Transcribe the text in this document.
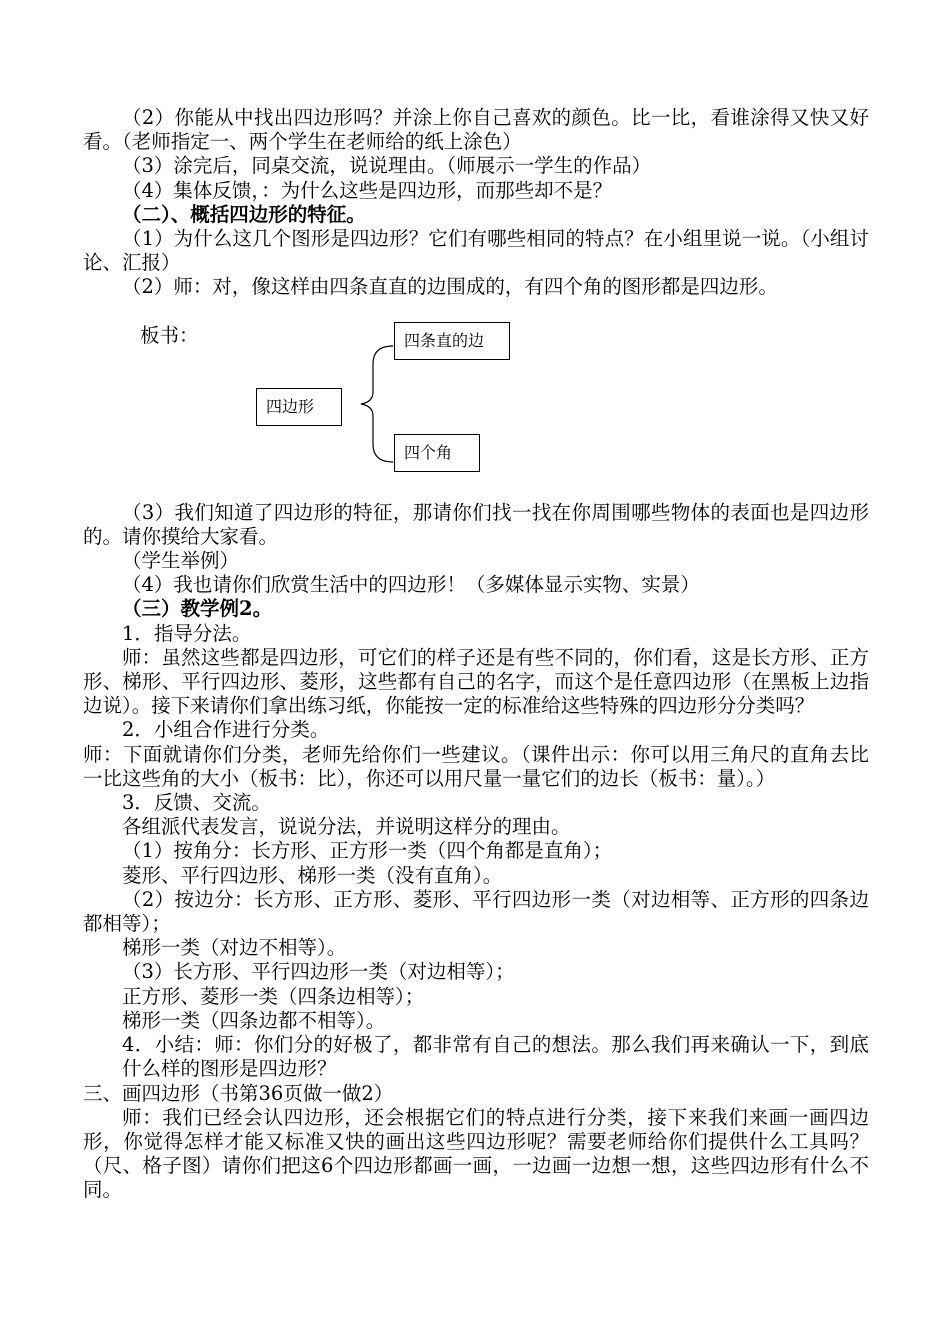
（2）你能从中找出四边形吗？并涂上你自己喜欢的颜色。比一比，看谁涂得又快又好看。（老师指定一、两个学生在老师给的纸上涂色）

（3）涂完后，同桌交流，说说理由。（师展示一学生的作品）

（4）集体反馈，：为什么这些是四边形，而那些却不是？

（二）、概括四边形的特征。

（1）为什么这几个图形是四边形？它们有哪些相同的特点？在小组里说一说。（小组讨论、汇报）

（2）师：对，像这样由四条直直的边围成的，有四个角的图形都是四边形。

板书：
四边形
四条直的边
四个角

（3）我们知道了四边形的特征，那请你们找一找在你周围哪些物体的表面也是四边形的。请你摸给大家看。

（学生举例）

（4）我也请你们欣赏生活中的四边形！（多媒体显示实物、实景）

（三）教学例2。

1．指导分法。

师：虽然这些都是四边形，可它们的样子还是有些不同的，你们看，这是长方形、正方形、梯形、平行四边形、菱形，这些都有自己的名字，而这个是任意四边形（在黑板上边指边说）。接下来请你们拿出练习纸，你能按一定的标准给这些特殊的四边形分分类吗？

2．小组合作进行分类。

师：下面就请你们分类，老师先给你们一些建议。（课件出示：你可以用三角尺的直角去比一比这些角的大小（板书：比），你还可以用尺量一量它们的边长（板书：量）。）

3．反馈、交流。

各组派代表发言，说说分法，并说明这样分的理由。

（1）按角分：长方形、正方形一类（四个角都是直角）；

菱形、平行四边形、梯形一类（没有直角）。

（2）按边分：长方形、正方形、菱形、平行四边形一类（对边相等、正方形的四条边都相等）；

梯形一类（对边不相等）。

（3）长方形、平行四边形一类（对边相等）；

正方形、菱形一类（四条边相等）；

梯形一类（四条边都不相等）。

4．小结：师：你们分的好极了，都非常有自己的想法。那么我们再来确认一下，到底什么样的图形是四边形？

三、画四边形（书第36页做一做2）

师：我们已经会认四边形，还会根据它们的特点进行分类，接下来我们来画一画四边形，你觉得怎样才能又标准又快的画出这些四边形呢？需要老师给你们提供什么工具吗？（尺、格子图）请你们把这6个四边形都画一画，一边画一边想一想，这些四边形有什么不同。
